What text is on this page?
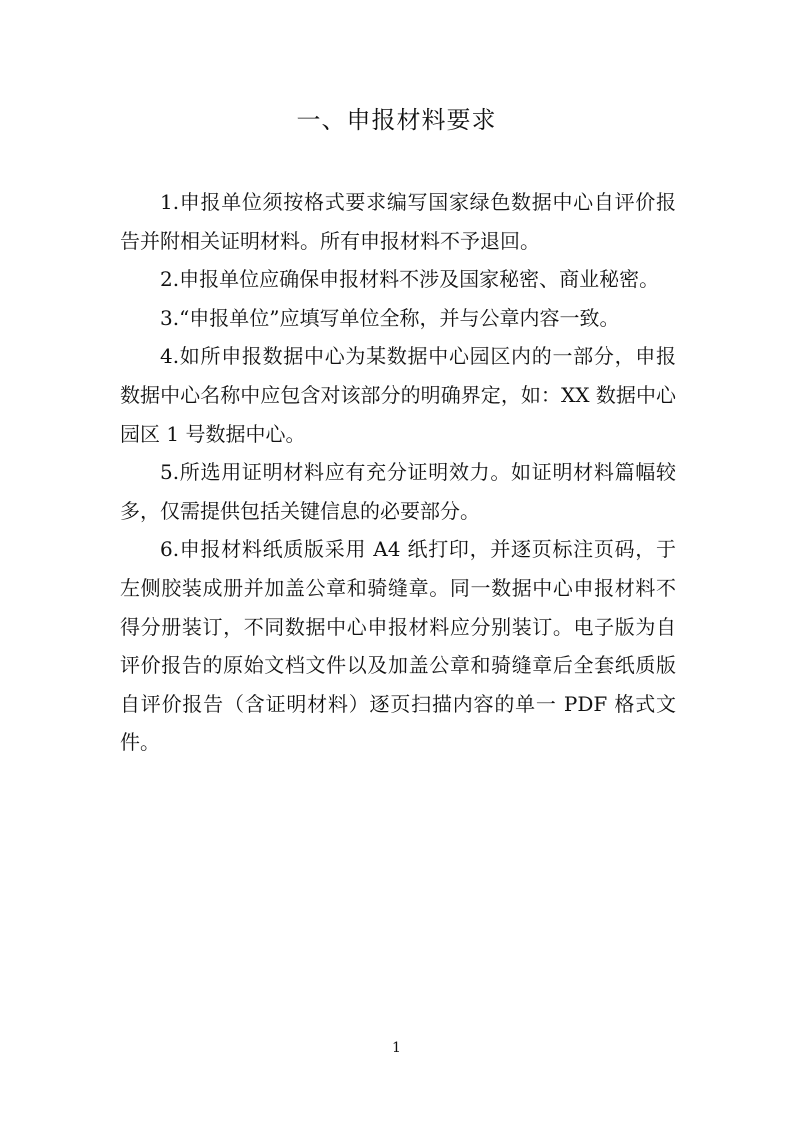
一、申报材料要求

1.申报单位须按格式要求编写国家绿色数据中心自评价报告并附相关证明材料。所有申报材料不予退回。

2.申报单位应确保申报材料不涉及国家秘密、商业秘密。

3.“申报单位”应填写单位全称，并与公章内容一致。

4.如所申报数据中心为某数据中心园区内的一部分，申报数据中心名称中应包含对该部分的明确界定，如：XX 数据中心园区 1 号数据中心。

5.所选用证明材料应有充分证明效力。如证明材料篇幅较多，仅需提供包括关键信息的必要部分。

6.申报材料纸质版采用 A4 纸打印，并逐页标注页码，于左侧胶装成册并加盖公章和骑缝章。同一数据中心申报材料不得分册装订，不同数据中心申报材料应分别装订。电子版为自评价报告的原始文档文件以及加盖公章和骑缝章后全套纸质版自评价报告（含证明材料）逐页扫描内容的单一 PDF 格式文件。

1
